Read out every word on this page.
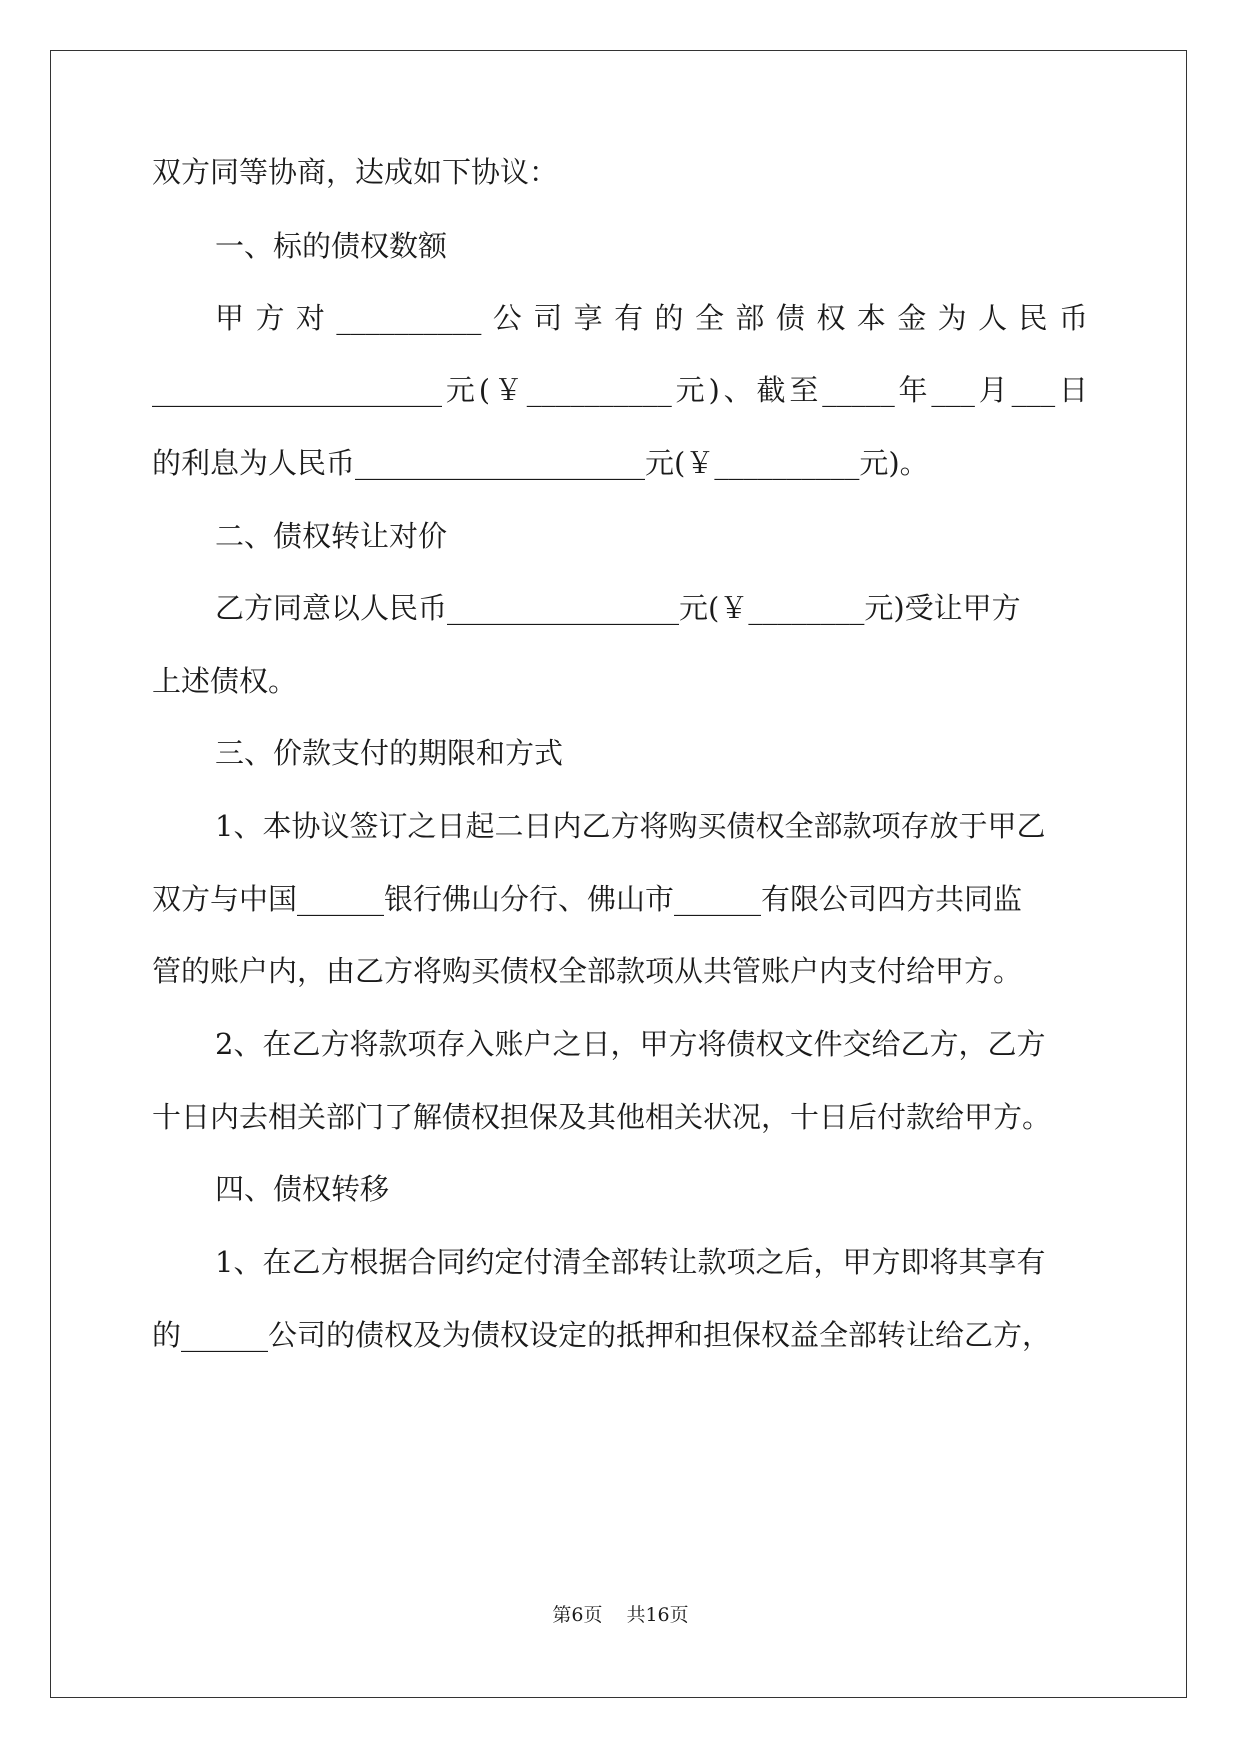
双方同等协商，达成如下协议：
一、标的债权数额
甲方对__________公司享有的全部债权本金为人民币
____________________元(￥__________元)、截至_____年___月___日
的利息为人民币____________________元(￥__________元)。
二、债权转让对价
乙方同意以人民币________________元(￥________元)受让甲方
上述债权。
三、价款支付的期限和方式
1、本协议签订之日起二日内乙方将购买债权全部款项存放于甲乙
双方与中国______银行佛山分行、佛山市______有限公司四方共同监
管的账户内，由乙方将购买债权全部款项从共管账户内支付给甲方。
2、在乙方将款项存入账户之日，甲方将债权文件交给乙方，乙方
十日内去相关部门了解债权担保及其他相关状况，十日后付款给甲方。
四、债权转移
1、在乙方根据合同约定付清全部转让款项之后，甲方即将其享有
的______公司的债权及为债权设定的抵押和担保权益全部转让给乙方，
第6页 共16页
